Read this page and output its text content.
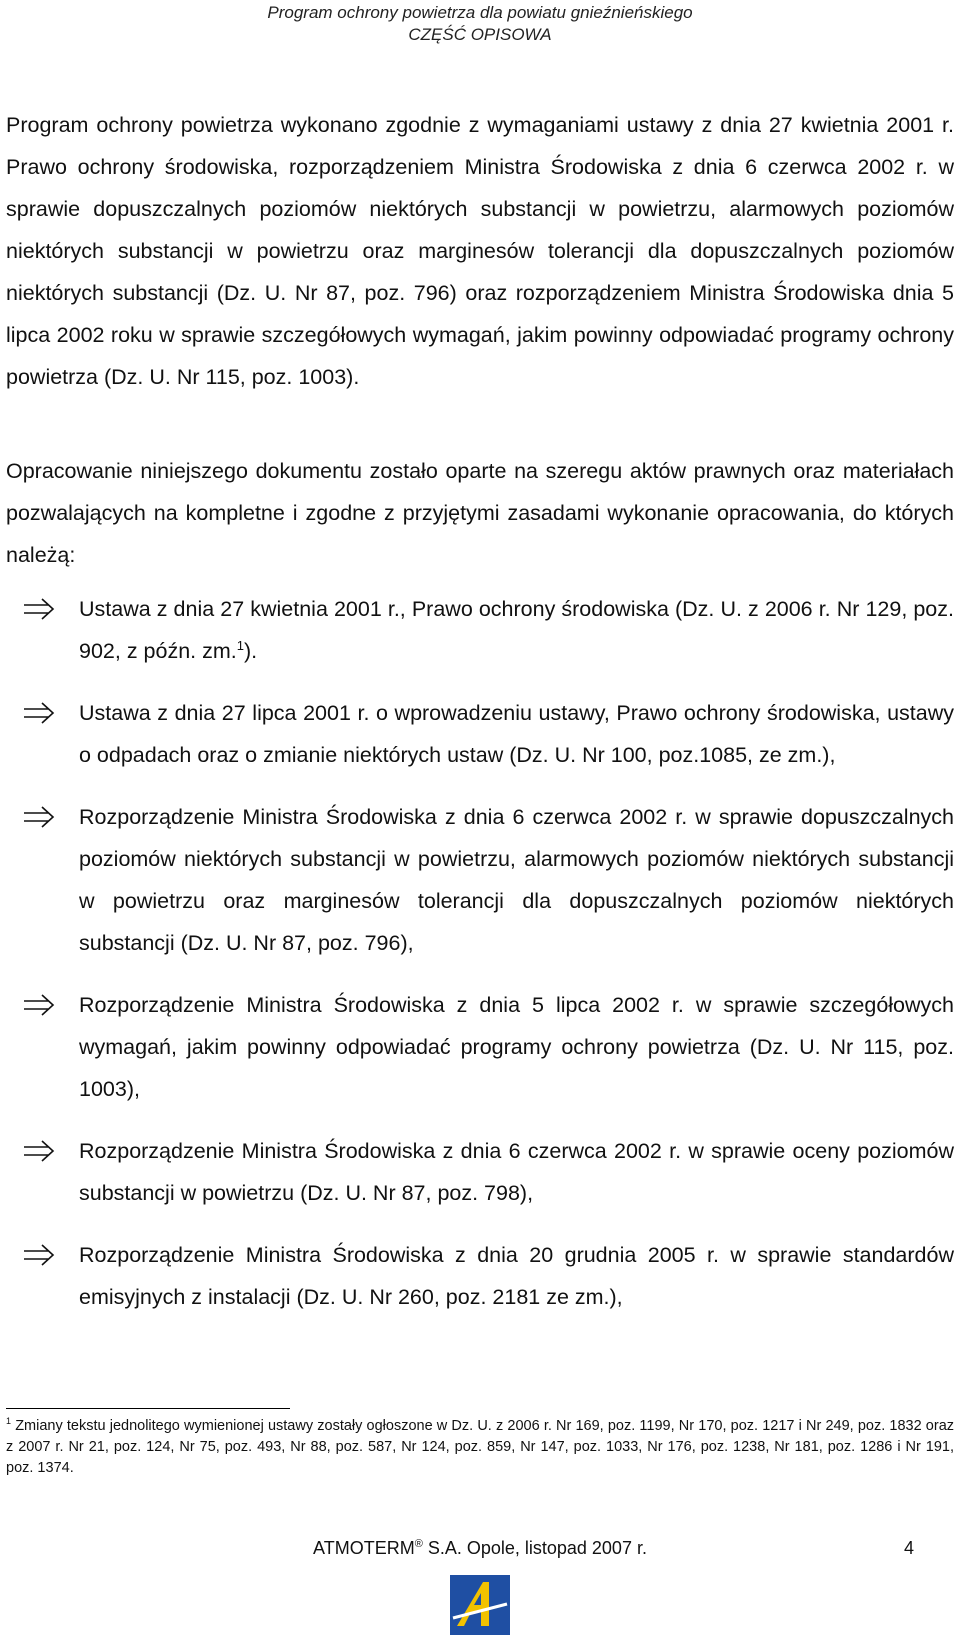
Program ochrony powietrza dla powiatu gnieźnieńskiego
CZĘŚĆ OPISOWA

Program ochrony powietrza wykonano zgodnie z wymaganiami ustawy z dnia 27 kwietnia 2001 r. Prawo ochrony środowiska, rozporządzeniem Ministra Środowiska z dnia 6 czerwca 2002 r. w sprawie dopuszczalnych poziomów niektórych substancji w powietrzu, alarmowych poziomów niektórych substancji w powietrzu oraz marginesów tolerancji dla dopuszczalnych poziomów niektórych substancji (Dz. U. Nr 87, poz. 796) oraz rozporządzeniem Ministra Środowiska dnia 5 lipca 2002 roku w sprawie szczegółowych wymagań, jakim powinny odpowiadać programy ochrony powietrza (Dz. U. Nr 115, poz. 1003).

Opracowanie niniejszego dokumentu zostało oparte na szeregu aktów prawnych oraz materiałach pozwalających na kompletne i zgodne z przyjętymi zasadami wykonanie opracowania, do których należą:

Ustawa z dnia 27 kwietnia 2001 r., Prawo ochrony środowiska (Dz. U. z 2006 r. Nr 129, poz. 902, z późn. zm.$^1$).
Ustawa z dnia 27 lipca 2001 r. o wprowadzeniu ustawy, Prawo ochrony środowiska, ustawy o odpadach oraz o zmianie niektórych ustaw (Dz. U. Nr 100, poz.1085, ze zm.),
Rozporządzenie Ministra Środowiska z dnia 6 czerwca 2002 r. w sprawie dopuszczalnych poziomów niektórych substancji w powietrzu, alarmowych poziomów niektórych substancji w powietrzu oraz marginesów tolerancji dla dopuszczalnych poziomów niektórych substancji (Dz. U. Nr 87, poz. 796),
Rozporządzenie Ministra Środowiska z dnia 5 lipca 2002 r. w sprawie szczegółowych wymagań, jakim powinny odpowiadać programy ochrony powietrza (Dz. U. Nr 115, poz. 1003),
Rozporządzenie Ministra Środowiska z dnia 6 czerwca 2002 r. w sprawie oceny poziomów substancji w powietrzu (Dz. U. Nr 87, poz. 798),
Rozporządzenie Ministra Środowiska z dnia 20 grudnia 2005 r. w sprawie standardów emisyjnych z instalacji (Dz. U. Nr 260, poz. 2181 ze zm.),

$^1$ Zmiany tekstu jednolitego wymienionej ustawy zostały ogłoszone w Dz. U. z 2006 r. Nr 169, poz. 1199, Nr 170, poz. 1217 i Nr 249, poz. 1832 oraz z 2007 r. Nr 21, poz. 124, Nr 75, poz. 493, Nr 88, poz. 587, Nr 124, poz. 859, Nr 147, poz. 1033, Nr 176, poz. 1238, Nr 181, poz. 1286 i Nr 191, poz. 1374.

ATMOTERM® S.A. Opole, listopad 2007 r.	4
